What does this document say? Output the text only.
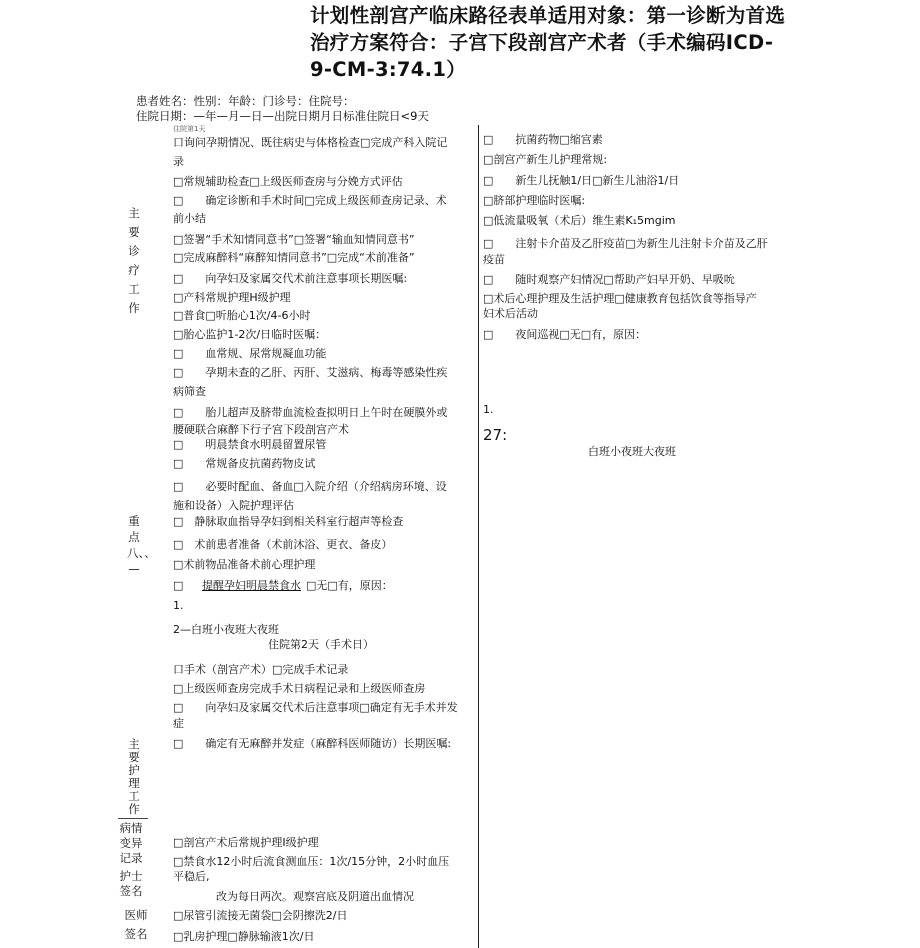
计划性剖宫产临床路径表单适用对象：第一诊断为首选治疗方案符合：子宫下段剖宫产术者（手术编码ICD-9-CM-3:74.1）
患者姓名：性别：年龄：门诊号：住院号：
住院日期：—年—月—日—出院日期月日标准住院日<9天
住院第1天
主要诊疗工作
重点八、、—
主要护理工作
病情变异记录
护士签名
医师签名
口询问孕期情况、既往病史与体格检查□完成产科入院记
录
□常规辅助检查□上级医师查房与分娩方式评估
□　　确定诊断和手术时间□完成上级医师查房记录、术
前小结
□签署“手术知情同意书”□签署“输血知情同意书”
□完成麻醉科“麻醉知情同意书”□完成“术前准备”
□　　向孕妇及家属交代术前注意事项长期医嘱:
□产科常规护理H级护理
□普食□听胎心1次/4-6小时
□胎心监护1-2次/日临时医嘱：
□　　血常规、尿常规凝血功能
□　　孕期未查的乙肝、丙肝、艾滋病、梅毒等感染性疾
病筛查
□　　胎儿超声及脐带血流检查拟明日上午时在硬膜外或
腰硬联合麻醉下行子宫下段剖宫产术
□　　明晨禁食水明晨留置尿管
□　　常规备皮抗菌药物皮试
□　　必要时配血、备血□入院介绍（介绍病房环境、设
施和设备）入院护理评估
□　静脉取血指导孕妇到相关科室行超声等检查
□　术前患者准备（术前沐浴、更衣、备皮）
□术前物品准备术前心理护理
□　 提醒孕妇明晨禁食水 □无□有，原因：
1.
2—白班小夜班大夜班
住院第2天（手术日）
口手术（剖宫产术）□完成手术记录
□上级医师查房完成手术日病程记录和上级医师查房
□　　向孕妇及家属交代术后注意事项□确定有无手术并发
症
□　　确定有无麻醉并发症（麻醉科医师随访）长期医嘱:
□剖宫产术后常规护理I级护理
□禁食水12小时后流食测血压：1次/15分钟，2小时血压
平稳后,
改为每日两次。观察宫底及阴道出血情况
□尿管引流接无菌袋□会阴擦洗2/日
□乳房护理□静脉输液1次/日
□　　抗菌药物□缩宫素
□剖宫产新生儿护理常规:
□　　新生儿抚触1/日□新生儿油浴1/日
□脐部护理临时医嘱:
□低流量吸氧（术后）维生素K₁5mgim
□　　注射卡介苗及乙肝疫苗□为新生儿注射卡介苗及乙肝
疫苗
□　　随时观察产妇情况□帮助产妇早开奶、早吸吮
□术后心理护理及生活护理□健康教育包括饮食等指导产
妇术后活动
□　　夜间巡视□无□有，原因：
1.
27:
白班小夜班大夜班
